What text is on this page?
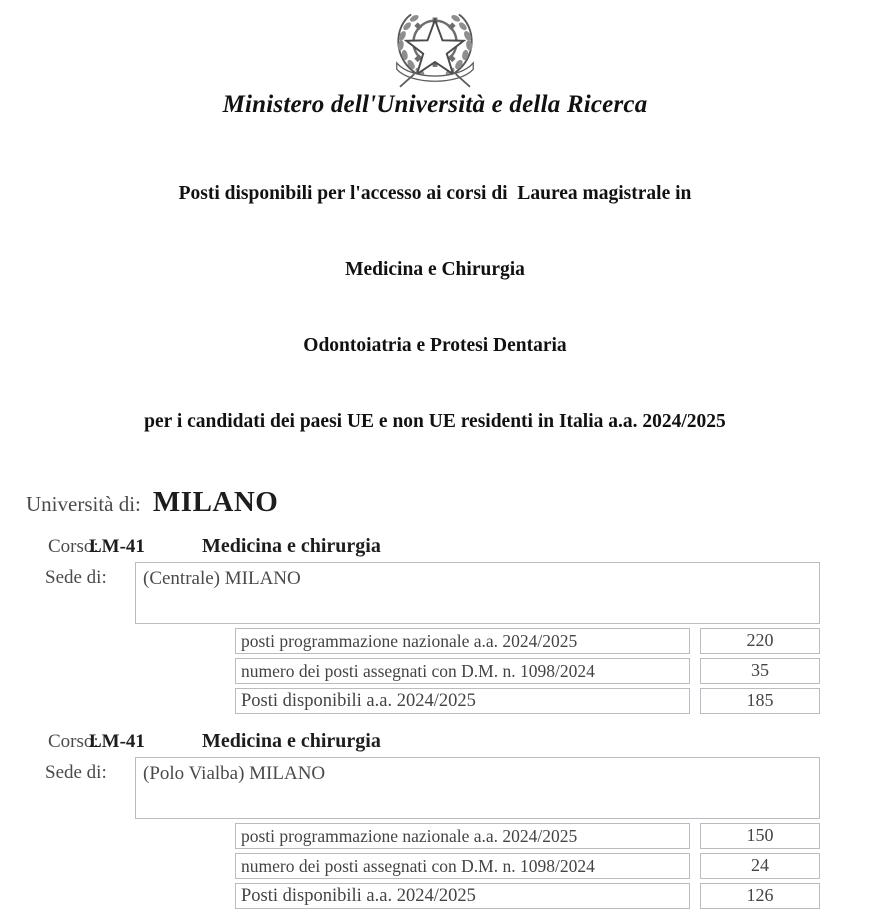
Ministero dell'Università e della Ricerca

Posti disponibili per l'accesso ai corsi di  Laurea magistrale in

Medicina e Chirurgia

Odontoiatria e Protesi Dentaria

per i candidati dei paesi UE e non UE residenti in Italia a.a. 2024/2025

Università di: MILANO
Corso:
LM-41	Medicina e chirurgia
Sede di:	(Centrale) MILANO
posti programmazione nazionale a.a. 2024/2025	220
numero dei posti assegnati con D.M. n. 1098/2024	35
Posti disponibili a.a. 2024/2025	185
Corso:
LM-41	Medicina e chirurgia
Sede di:	(Polo Vialba) MILANO
posti programmazione nazionale a.a. 2024/2025	150
numero dei posti assegnati con D.M. n. 1098/2024	24
Posti disponibili a.a. 2024/2025	126
